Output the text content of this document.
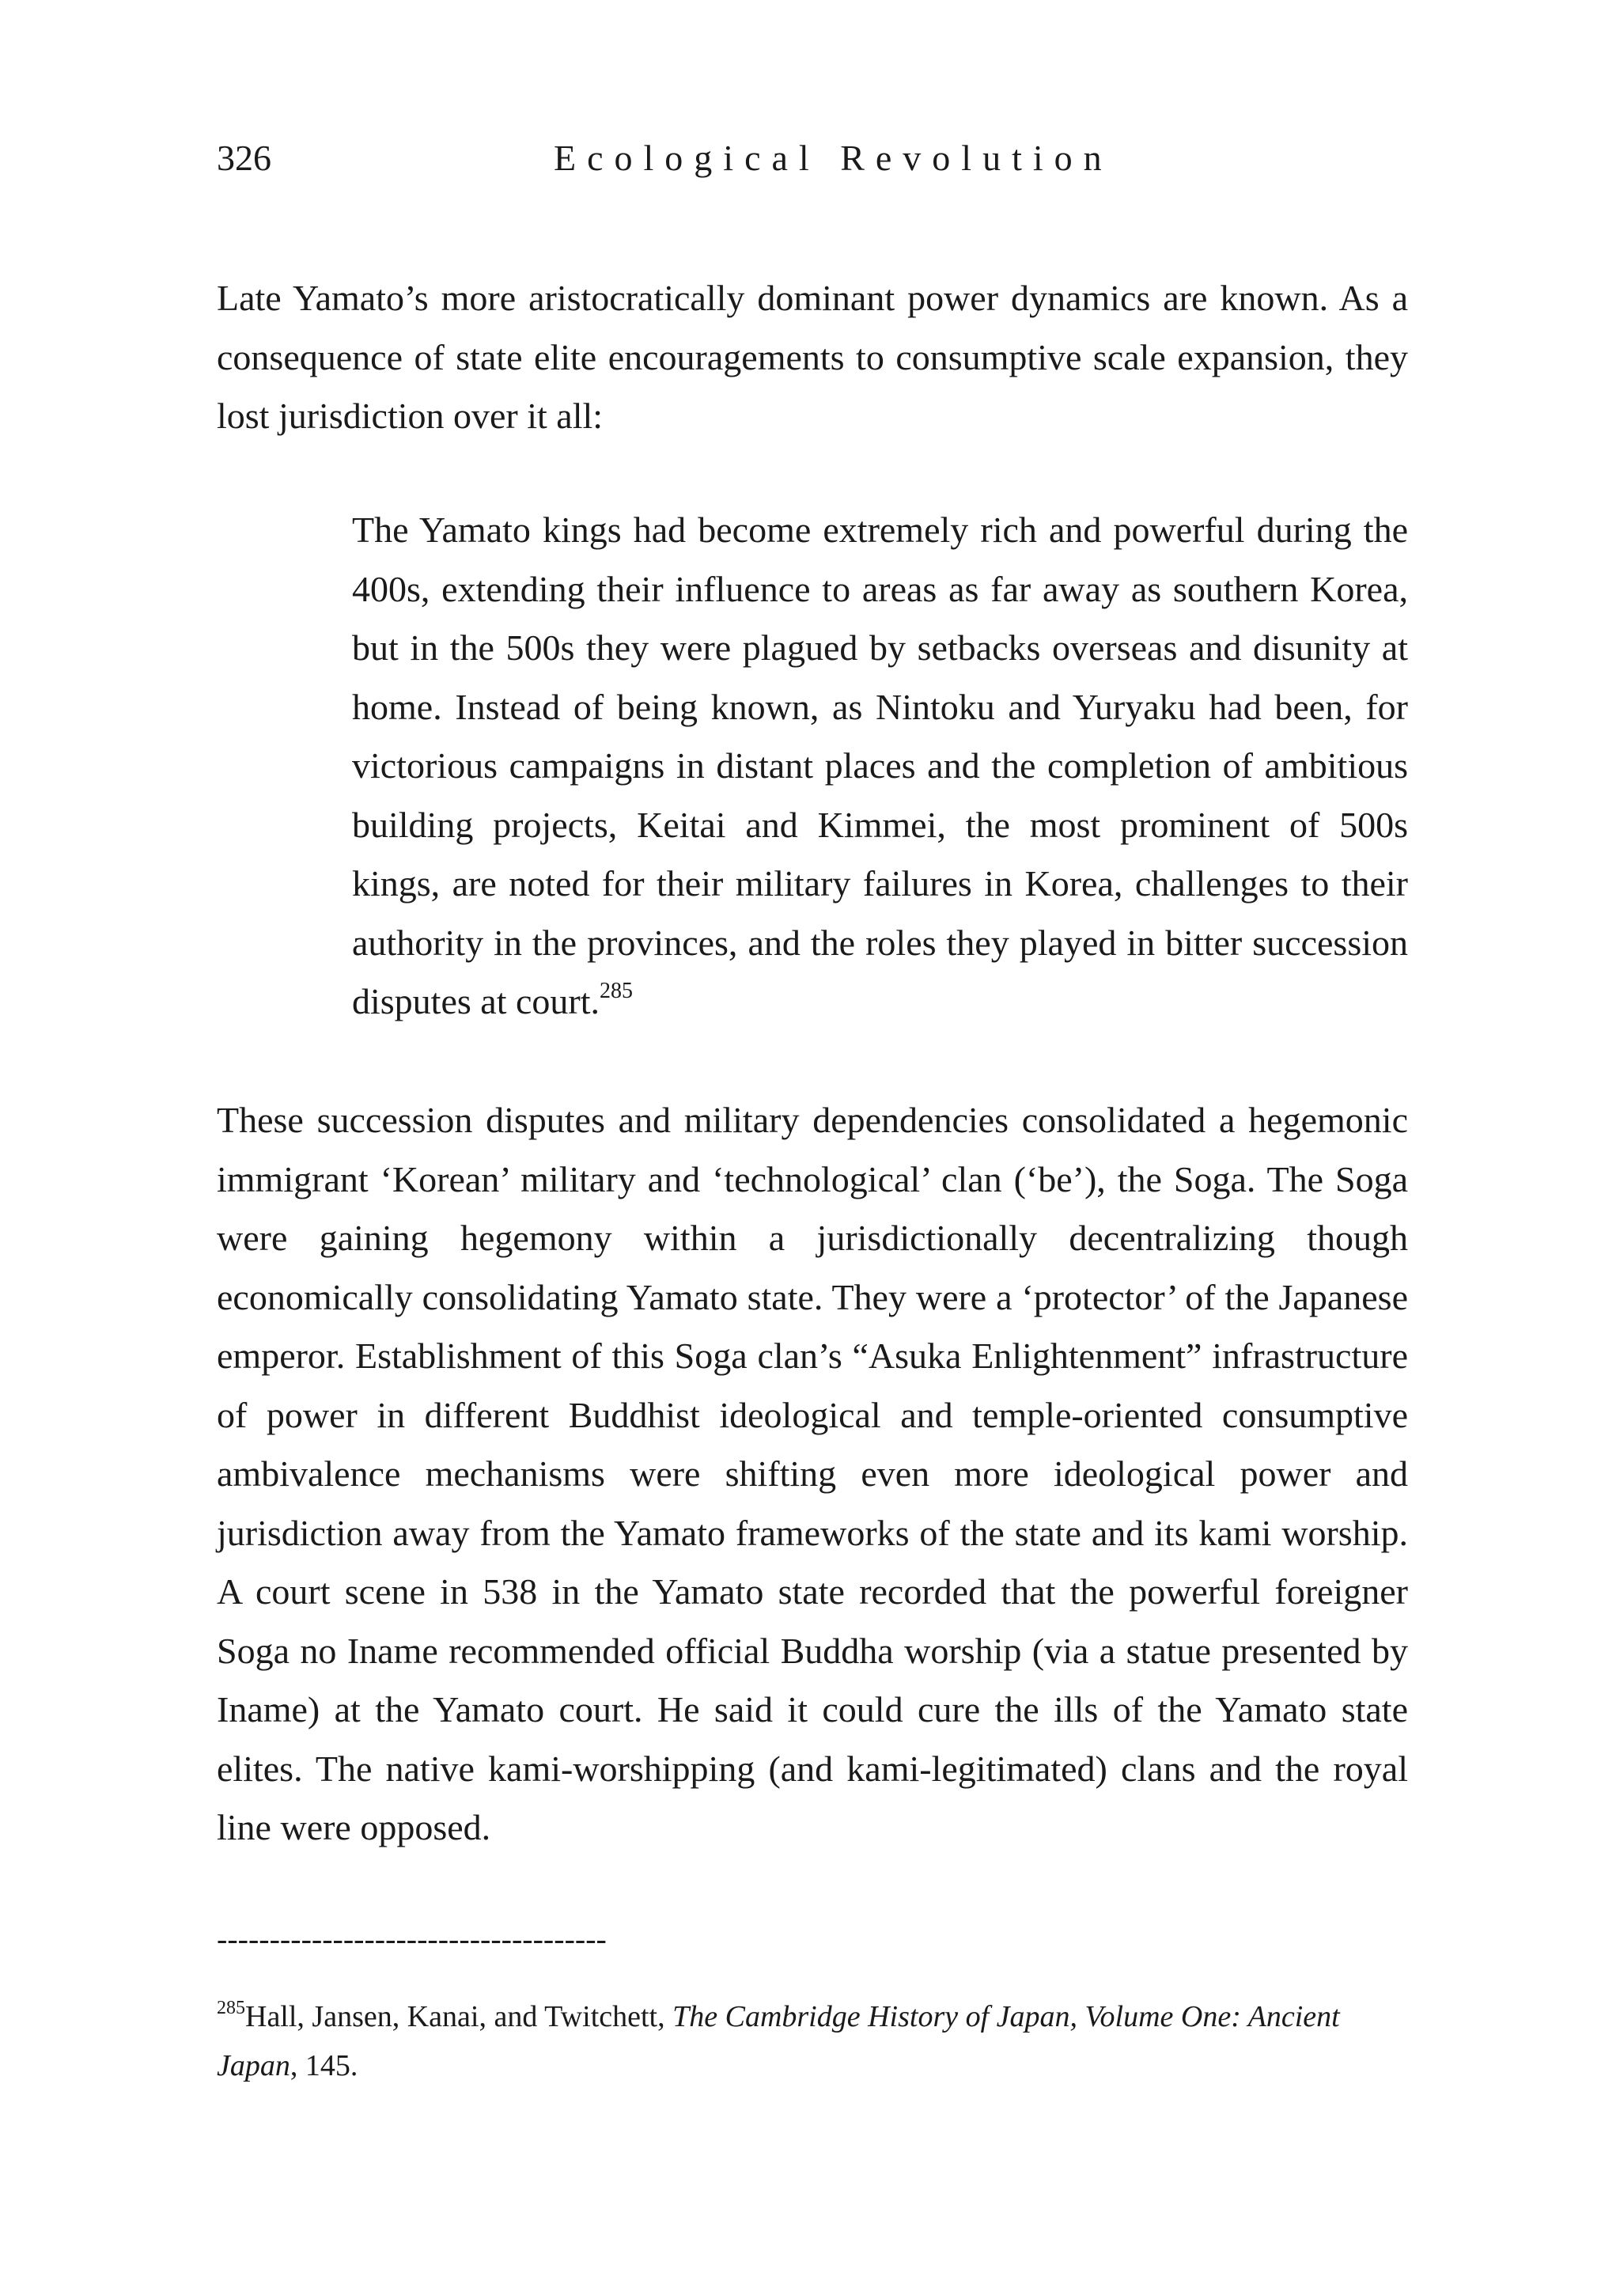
326	Ecological Revolution

Late Yamato’s more aristocratically dominant power dynamics are known. As a consequence of state elite encouragements to consumptive scale expansion, they lost jurisdiction over it all:

The Yamato kings had become extremely rich and powerful during the 400s, extending their influence to areas as far away as southern Korea, but in the 500s they were plagued by setbacks overseas and disunity at home. Instead of being known, as Nintoku and Yuryaku had been, for victorious campaigns in distant places and the completion of ambitious building projects, Keitai and Kimmei, the most prominent of 500s kings, are noted for their military failures in Korea, challenges to their authority in the provinces, and the roles they played in bitter succession disputes at court.$^{285}$

These succession disputes and military dependencies consolidated a hegemonic immigrant ‘Korean’ military and ‘technological’ clan (‘be’), the Soga. The Soga were gaining hegemony within a jurisdictionally decentralizing though economically consolidating Yamato state. They were a ‘protector’ of the Japanese emperor. Establishment of this Soga clan’s “Asuka Enlightenment” infrastructure of power in different Buddhist ideological and temple-oriented consumptive ambivalence mechanisms were shifting even more ideological power and jurisdiction away from the Yamato frameworks of the state and its kami worship. A court scene in 538 in the Yamato state recorded that the powerful foreigner Soga no Iname recommended official Buddha worship (via a statue presented by Iname) at the Yamato court. He said it could cure the ills of the Yamato state elites. The native kami-worshipping (and kami-legitimated) clans and the royal line were opposed.

-------------------------------------

$^{285}$Hall, Jansen, Kanai, and Twitchett, The Cambridge History of Japan, Volume One: Ancient Japan, 145.
